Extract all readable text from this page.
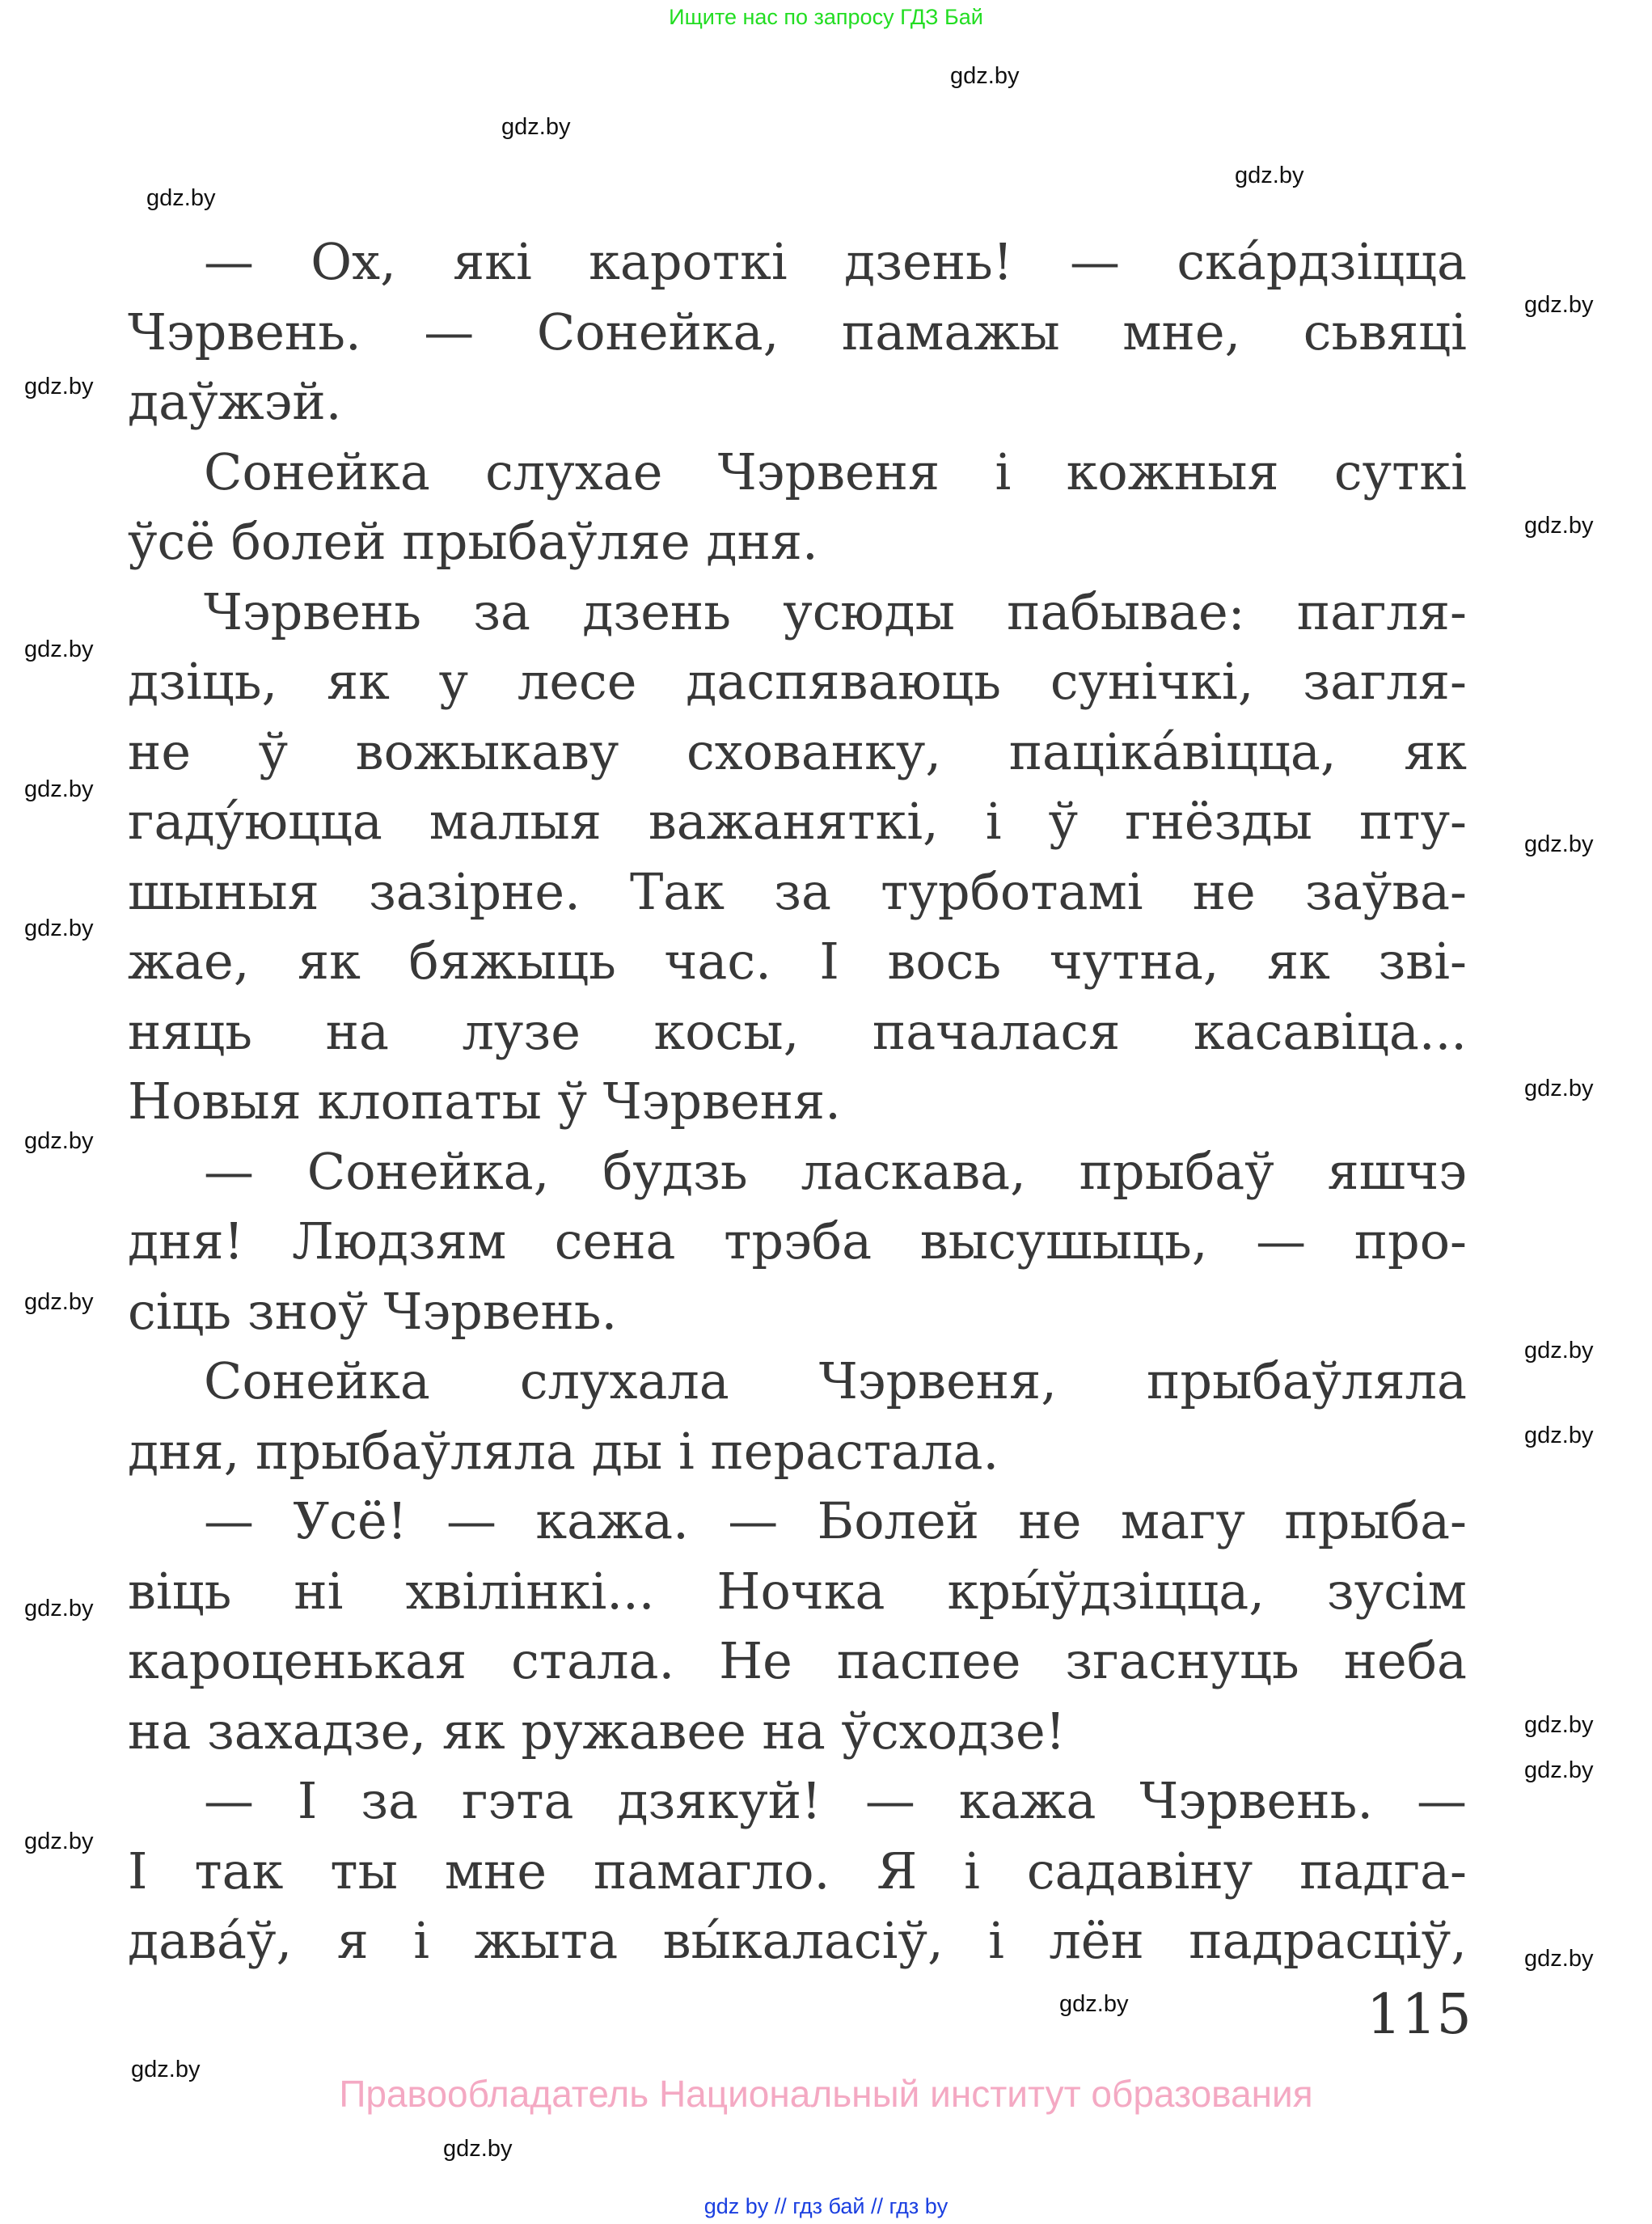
Ищите нас по запросу ГДЗ Бай
— Ох, які кароткі дзень! — ска́рдзіцца
Чэрвень. — Сонейка, памажы мне, сьвяці
даўжэй.
Сонейка слухае Чэрвеня і кожныя суткі
ўсё болей прыбаўляе дня.
Чэрвень за дзень усюды пабывае: пагля-
дзіць, як у лесе даспяваюць сунічкі, загля-
не ў вожыкаву схованку, паціка́віцца, як
гаду́юцца малыя важаняткі, і ў гнёзды пту-
шыныя зазірне. Так за турботамі не заўва-
жае, як бяжыць час. І вось чутна, як зві-
няць на лузе косы, пачалася касавіца...
Новыя клопаты ў Чэрвеня.
— Сонейка, будзь ласкава, прыбаў яшчэ
дня! Людзям сена трэба высушыць, — про-
сіць зноў Чэрвень.
Сонейка слухала Чэрвеня, прыбаўляла
дня, прыбаўляла ды і перастала.
— Усё! — кажа. — Болей не магу прыба-
віць ні хвілінкі... Ночка кры́ўдзіцца, зусім
кароценькая стала. Не паспее згаснуць неба
на захадзе, як ружавее на ўсходзе!
— І за гэта дзякуй! — кажа Чэрвень. —
І так ты мне памагло. Я і садавіну падга-
дава́ў, я і жыта вы́каласіў, і лён падрасціў,
115
Правообладатель Национальный институт образования
gdz by // гдз бай // гдз by
gdz.by
gdz.by
gdz.by
gdz.by
gdz.by
gdz.by
gdz.by
gdz.by
gdz.by
gdz.by
gdz.by
gdz.by
gdz.by
gdz.by
gdz.by
gdz.by
gdz.by
gdz.by
gdz.by
gdz.by
gdz.by
gdz.by
gdz.by
gdz.by
